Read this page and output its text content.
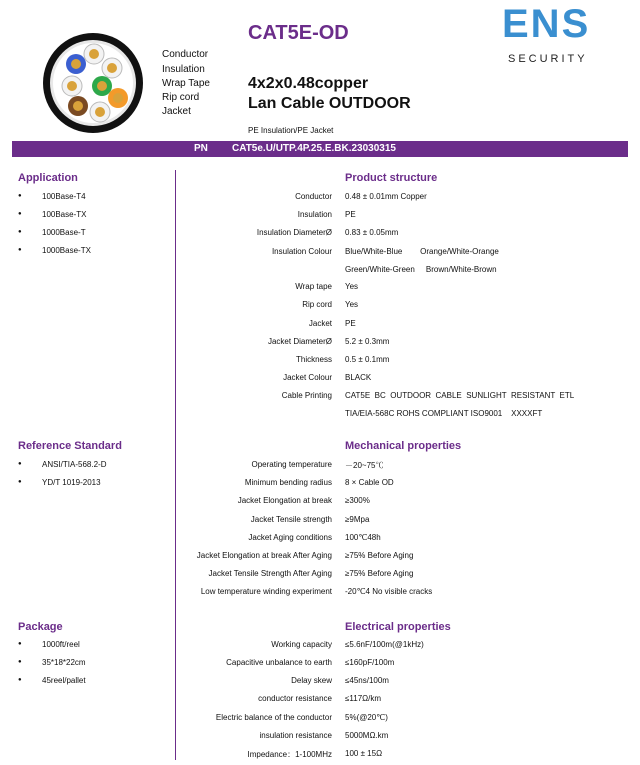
Conductor
Insulation
Wrap Tape
Rip cord
Jacket
CAT5E-OD
4x2x0.48copper
Lan Cable OUTDOOR
PE Insulation/PE Jacket
ENS
SECURITY
PN CAT5e.U/UTP.4P.25.E.BK.23030315
Application
● 100Base-T4
● 100Base-TX
● 1000Base-T
● 1000Base-TX
Reference Standard
● ANSI/TIA-568.2-D
● YD/T 1019-2013
Package
● 1000ft/reel
● 35*18*22cm
● 45reel/pallet
Product structure
Conductor 0.48 ± 0.01mm Copper
Insulation PE
Insulation DiameterØ 0.83 ± 0.05mm
Insulation Colour Blue/White-Blue        Orange/White-Orange
Green/White-Green     Brown/White-Brown
Wrap tape Yes
Rip cord Yes
Jacket PE
Jacket DiameterØ 5.2 ± 0.3mm
Thickness 0.5 ± 0.1mm
Jacket Colour BLACK
Cable Printing CAT5E  BC  OUTDOOR  CABLE  SUNLIGHT  RESISTANT  ETL
TIA/EIA-568C ROHS COMPLIANT ISO9001    XXXXFT
Mechanical properties
Operating temperature －20~75℃
Minimum bending radius 8 × Cable OD
Jacket Elongation at break ≥300%
Jacket Tensile strength ≥9Mpa
Jacket Aging conditions 100℃48h
Jacket Elongation at break After Aging ≥75% Before Aging
Jacket Tensile Strength After Aging ≥75% Before Aging
Low temperature winding experiment -20℃4 No visible cracks
Electrical properties
Working capacity ≤5.6nF/100m(@1kHz)
Capacitive unbalance to earth ≤160pF/100m
Delay skew ≤45ns/100m
conductor resistance ≤117Ω/km
Electric balance of the conductor 5%(@20℃)
insulation resistance 5000MΩ.km
Impedance：1-100MHz 100 ± 15Ω
